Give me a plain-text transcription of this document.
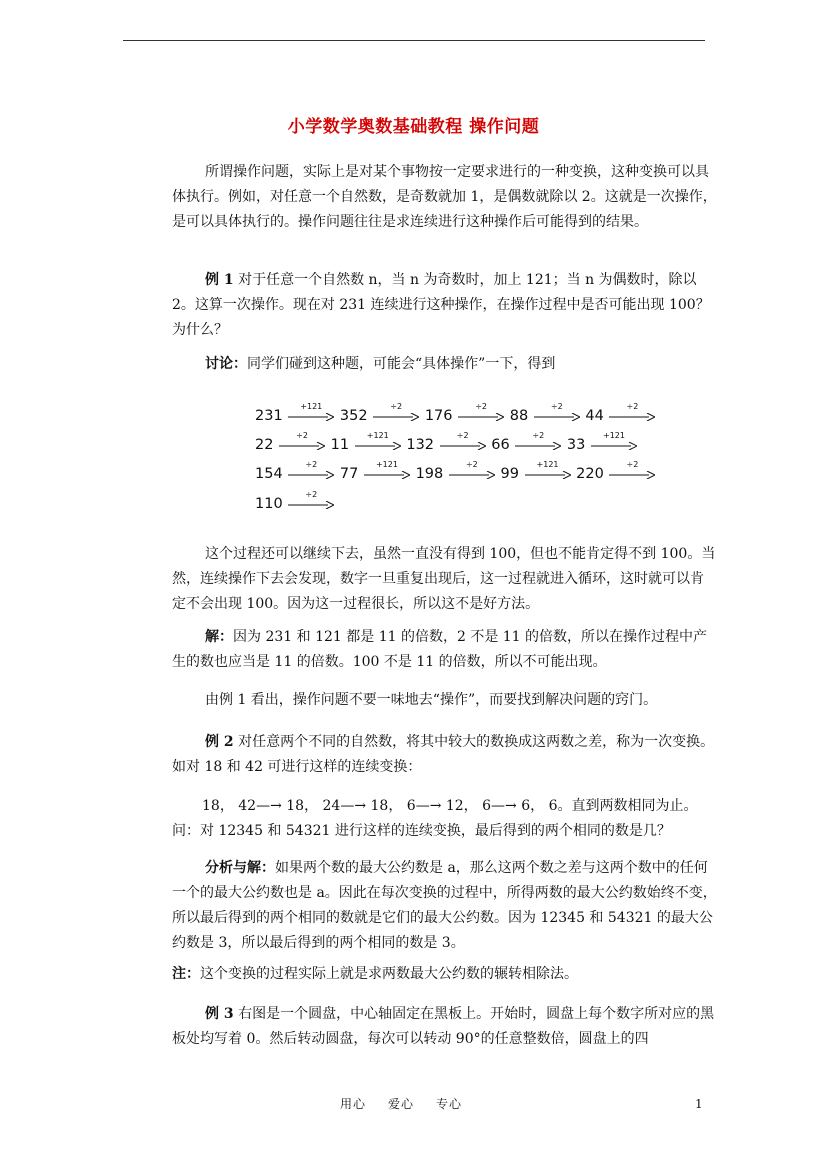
小学数学奥数基础教程 操作问题

所谓操作问题，实际上是对某个事物按一定要求进行的一种变换，这种变换可以具体执行。例如，对任意一个自然数，是奇数就加 1，是偶数就除以 2。这就是一次操作，是可以具体执行的。操作问题往往是求连续进行这种操作后可能得到的结果。

例 1 对于任意一个自然数 n，当 n 为奇数时，加上 121；当 n 为偶数时，除以 2。这算一次操作。现在对 231 连续进行这种操作，在操作过程中是否可能出现 100？为什么？

讨论：同学们碰到这种题，可能会“具体操作”一下，得到

231
+121
352
÷2
176
÷2
88
÷2
44
÷2
22
÷2
11
+121
132
÷2
66
÷2
33
+121
154
÷2
77
+121
198
÷2
99
+121
220
÷2
110
÷2

这个过程还可以继续下去，虽然一直没有得到 100，但也不能肯定得不到 100。当然，连续操作下去会发现，数字一旦重复出现后，这一过程就进入循环，这时就可以肯定不会出现 100。因为这一过程很长，所以这不是好方法。

解：因为 231 和 121 都是 11 的倍数，2 不是 11 的倍数，所以在操作过程中产生的数也应当是 11 的倍数。100 不是 11 的倍数，所以不可能出现。

由例 1 看出，操作问题不要一味地去“操作”，而要找到解决问题的窍门。

例 2 对任意两个不同的自然数，将其中较大的数换成这两数之差，称为一次变换。如对 18 和 42 可进行这样的连续变换：

18， 42—→ 18， 24—→ 18， 6—→ 12， 6—→ 6， 6。直到两数相同为止。问：对 12345 和 54321 进行这样的连续变换，最后得到的两个相同的数是几？

分析与解：如果两个数的最大公约数是 a，那么这两个数之差与这两个数中的任何一个的最大公约数也是 a。因此在每次变换的过程中，所得两数的最大公约数始终不变，所以最后得到的两个相同的数就是它们的最大公约数。因为 12345 和 54321 的最大公约数是 3，所以最后得到的两个相同的数是 3。

注：这个变换的过程实际上就是求两数最大公约数的辗转相除法。

例 3 右图是一个圆盘，中心轴固定在黑板上。开始时，圆盘上每个数字所对应的黑板处均写着 0。然后转动圆盘，每次可以转动 90°的任意整数倍，圆盘上的四

用心 爱心 专心	1
